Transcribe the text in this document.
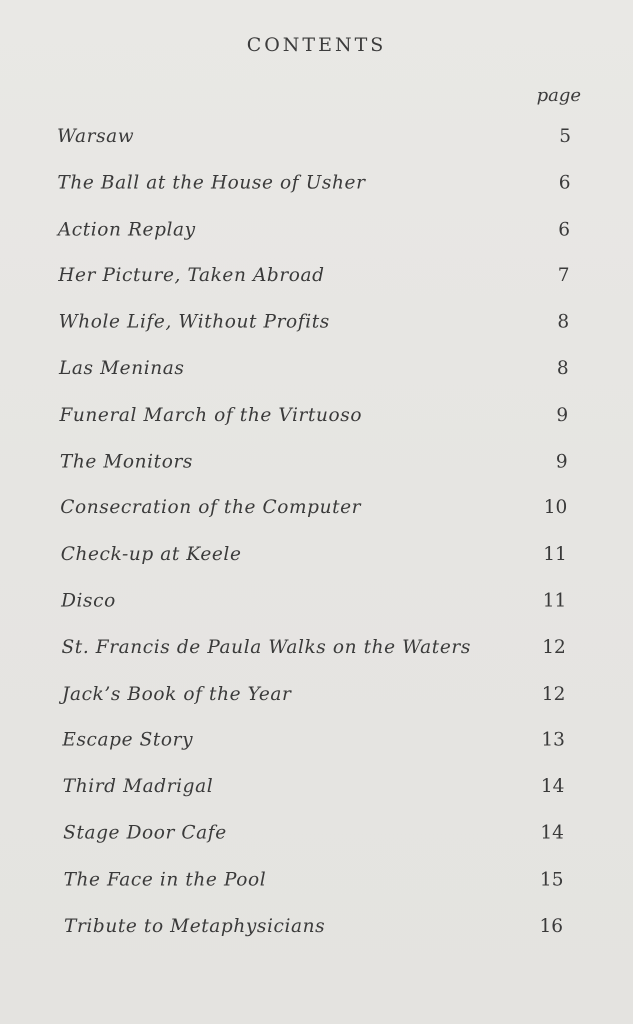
CONTENTS
page
Warsaw	5
The Ball at the House of Usher	6
Action Replay	6
Her Picture, Taken Abroad	7
Whole Life, Without Profits	8
Las Meninas	8
Funeral March of the Virtuoso	9
The Monitors	9
Consecration of the Computer	10
Check-up at Keele	11
Disco	11
St. Francis de Paula Walks on the Waters	12
Jack’s Book of the Year	12
Escape Story	13
Third Madrigal	14
Stage Door Cafe	14
The Face in the Pool	15
Tribute to Metaphysicians	16
